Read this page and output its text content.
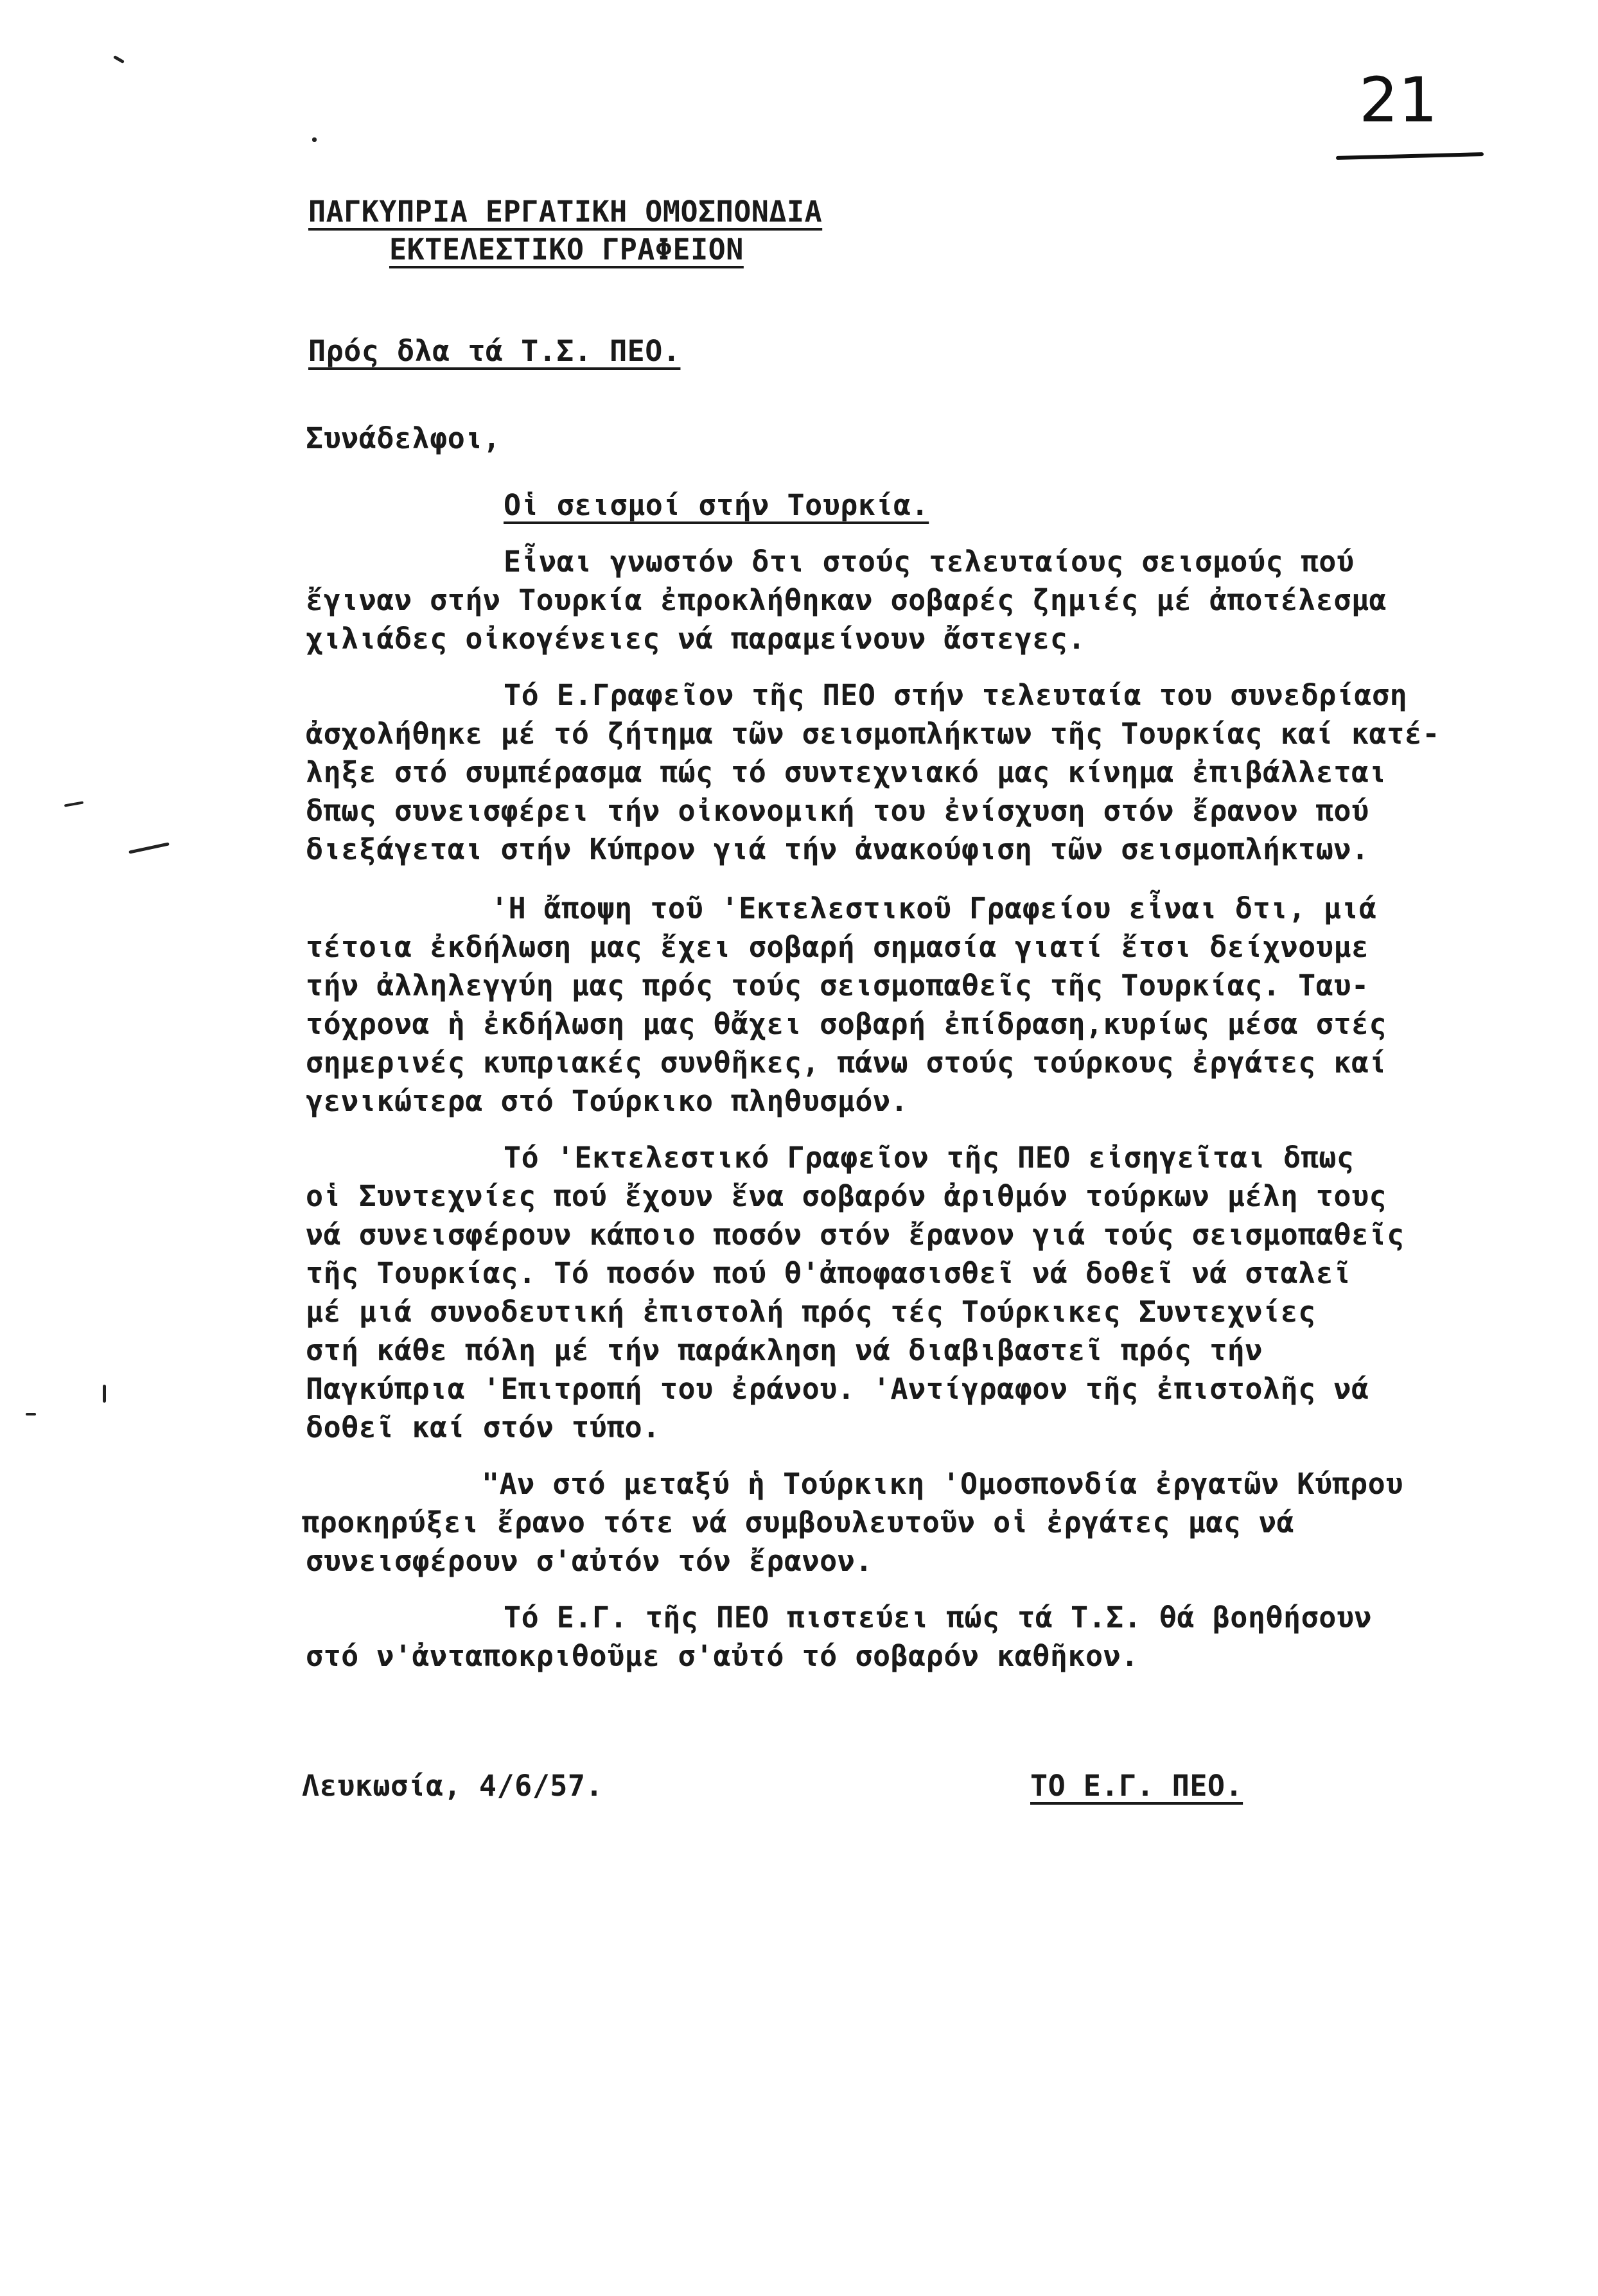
21
ΠΑΓΚΥΠΡΙΑ ΕΡΓΑΤΙΚΗ ΟΜΟΣΠΟΝΔΙΑ
ΕΚΤΕΛΕΣΤΙΚΟ ΓΡΑΦΕΙΟΝ
Πρός δλα τά Τ.Σ. ΠΕΟ.
Συνάδελφοι,
Οἱ σεισμοί στήν Τουρκία.
Εἶναι γνωστόν δτι στούς τελευταίους σεισμούς πού
ἔγιναν στήν Τουρκία ἐπροκλήθηκαν σοβαρές ζημιές μέ ἀποτέλεσμα
χιλιάδες οἰκογένειες νά παραμείνουν ἄστεγες.
Τό Ε.Γραφεῖον τῆς ΠΕΟ στήν τελευταία του συνεδρίαση
ἀσχολήθηκε μέ τό ζήτημα τῶν σεισμοπλήκτων τῆς Τουρκίας καί κατέ-
ληξε στό συμπέρασμα πώς τό συντεχνιακό μας κίνημα ἐπιβάλλεται
δπως συνεισφέρει τήν οἰκονομική του ἐνίσχυση στόν ἔρανον πού
διεξάγεται στήν Κύπρον γιά τήν ἀνακούφιση τῶν σεισμοπλήκτων.
'Η ἄποψη τοῦ 'Εκτελεστικοῦ Γραφείου εἶναι δτι, μιά
τέτοια ἐκδήλωση μας ἔχει σοβαρή σημασία γιατί ἔτσι δείχνουμε
τήν ἀλληλεγγύη μας πρός τούς σεισμοπαθεῖς τῆς Τουρκίας. Ταυ-
τόχρονα ἡ ἐκδήλωση μας θἄχει σοβαρή ἐπίδραση,κυρίως μέσα στές
σημερινές κυπριακές συνθῆκες, πάνω στούς τούρκους ἐργάτες καί
γενικώτερα στό Τούρκικο πληθυσμόν.
Τό 'Εκτελεστικό Γραφεῖον τῆς ΠΕΟ εἰσηγεῖται δπως
οἱ Συντεχνίες πού ἔχουν ἕνα σοβαρόν ἀριθμόν τούρκων μέλη τους
νά συνεισφέρουν κάποιο ποσόν στόν ἔρανον γιά τούς σεισμοπαθεῖς
τῆς Τουρκίας. Τό ποσόν πού θ'ἀποφασισθεῖ νά δοθεῖ νά σταλεῖ
μέ μιά συνοδευτική ἐπιστολή πρός τές Τούρκικες Συντεχνίες
στή κάθε πόλη μέ τήν παράκληση νά διαβιβαστεῖ πρός τήν
Παγκύπρια 'Επιτροπή του ἐράνου. 'Αντίγραφον τῆς ἐπιστολῆς νά
δοθεῖ καί στόν τύπο.
"Αν στό μεταξύ ἡ Τούρκικη 'Ομοσπονδία ἐργατῶν Κύπρου
προκηρύξει ἔρανο τότε νά συμβουλευτοῦν οἱ ἐργάτες μας νά
συνεισφέρουν σ'αὐτόν τόν ἔρανον.
Τό Ε.Γ. τῆς ΠΕΟ πιστεύει πώς τά Τ.Σ. θά βοηθήσουν
στό ν'ἀνταποκριθοῦμε σ'αὐτό τό σοβαρόν καθῆκον.
Λευκωσία, 4/6/57.	ΤΟ Ε.Γ. ΠΕΟ.
